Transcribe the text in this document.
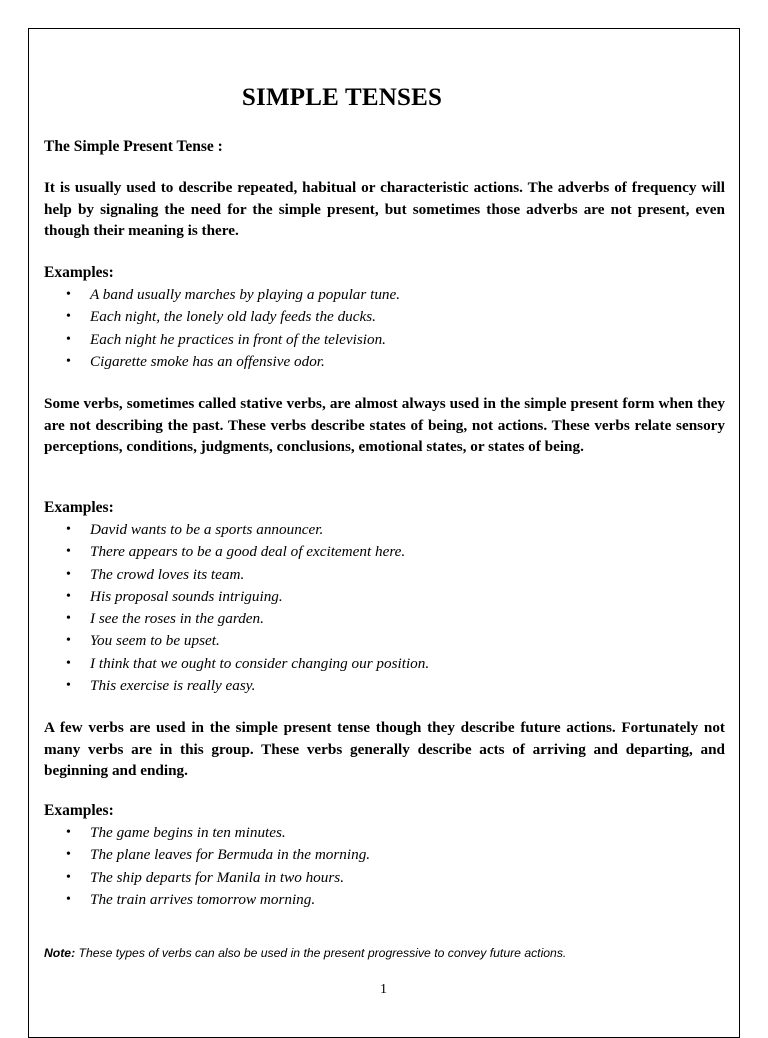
SIMPLE TENSES

The Simple Present Tense :

It is usually used to describe repeated, habitual or characteristic actions. The adverbs of frequency will help by signaling the need for the simple present, but sometimes those adverbs are not present, even though their meaning is there.

Examples:

• A band usually marches by playing a popular tune.
• Each night, the lonely old lady feeds the ducks.
• Each night he practices in front of the television.
• Cigarette smoke has an offensive odor.

Some verbs, sometimes called stative verbs, are almost always used in the simple present form when they are not describing the past. These verbs describe states of being, not actions. These verbs relate sensory perceptions, conditions, judgments, conclusions, emotional states, or states of being.

Examples:

• David wants to be a sports announcer.
• There appears to be a good deal of excitement here.
• The crowd loves its team.
• His proposal sounds intriguing.
• I see the roses in the garden.
• You seem to be upset.
• I think that we ought to consider changing our position.
• This exercise is really easy.

A few verbs are used in the simple present tense though they describe future actions. Fortunately not many verbs are in this group. These verbs generally describe acts of arriving and departing, and beginning and ending.

Examples:

• The game begins in ten minutes.
• The plane leaves for Bermuda in the morning.
• The ship departs for Manila in two hours.
• The train arrives tomorrow morning.
Note: These types of verbs can also be used in the present progressive to convey future actions.
1
